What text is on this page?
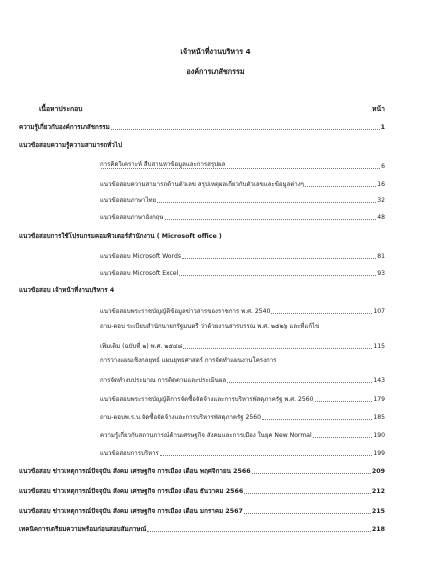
เจ้าหน้าที่งานบริหาร 4
องค์การเภสัชกรรม
เนื้อหาประกอบ	หน้า
ความรู้เกี่ยวกับองค์การเภสัชกรรม	1
แนวข้อสอบความรู้ความสามารถทั่วไป
การคิดวิเคราะห์ สืบสานหาข้อมูลและการสรุปผล	6
แนวข้อสอบความสามารถด้านตัวเลข สรุปเหตุผลเกี่ยวกับตัวเลขและข้อมูลต่างๆ	16
แนวข้อสอบภาษาไทย	32
แนวข้อสอบภาษาอังกฤษ	48
แนวข้อสอบการใช้โปรแกรมคอมพิวเตอร์สำนักงาน ( Microsoft office )
แนวข้อสอบ Microsoft Words	81
แนวข้อสอบ Microsoft Excel	93
แนวข้อสอบ เจ้าหน้าที่งานบริหาร 4
แนวข้อสอบพระราชบัญญัติข้อมูลข่าวสารของราชการ พ.ศ. 2540	107
ถาม-ตอบ ระเบียบสำนักนายกรัฐมนตรี ว่าด้วยงานสารบรรณ พ.ศ. ๒๕๒๖ และที่แก้ไข
เพิ่มเติม (ฉบับที่ ๒) พ.ศ. ๒๕๔๘	115
การวางแผนเชิงกลยุทธ์ แผนยุทธศาสตร์ การจัดทำแผนงานโครงการ
การจัดทำงบประมาณ การติดตามและประเมินผล	143
แนวข้อสอบพระราชบัญญัติการจัดซื้อจัดจ้างและการบริหารพัสดุภาครัฐ พ.ศ. 2560	179
ถาม-ตอบพ.ร.บ.จัดซื้อจัดจ้างและการบริหารพัสดุภาครัฐ 2560	185
ความรู้เกี่ยวกับสถานการณ์ด้านเศรษฐกิจ สังคมและการเมือง ในยุค New Normal	190
แนวข้อสอบการบริหาร	199
แนวข้อสอบ ข่าวเหตุการณ์ปัจจุบัน สังคม เศรษฐกิจ การเมือง เดือน พฤศจิกายน 2566	209
แนวข้อสอบ ข่าวเหตุการณ์ปัจจุบัน สังคม เศรษฐกิจ การเมือง เดือน ธันวาคม 2566	212
แนวข้อสอบ ข่าวเหตุการณ์ปัจจุบัน สังคม เศรษฐกิจ การเมือง เดือน มกราคม 2567	215
เทคนิคการเตรียมความพร้อมก่อนสอบสัมภาษณ์	218
